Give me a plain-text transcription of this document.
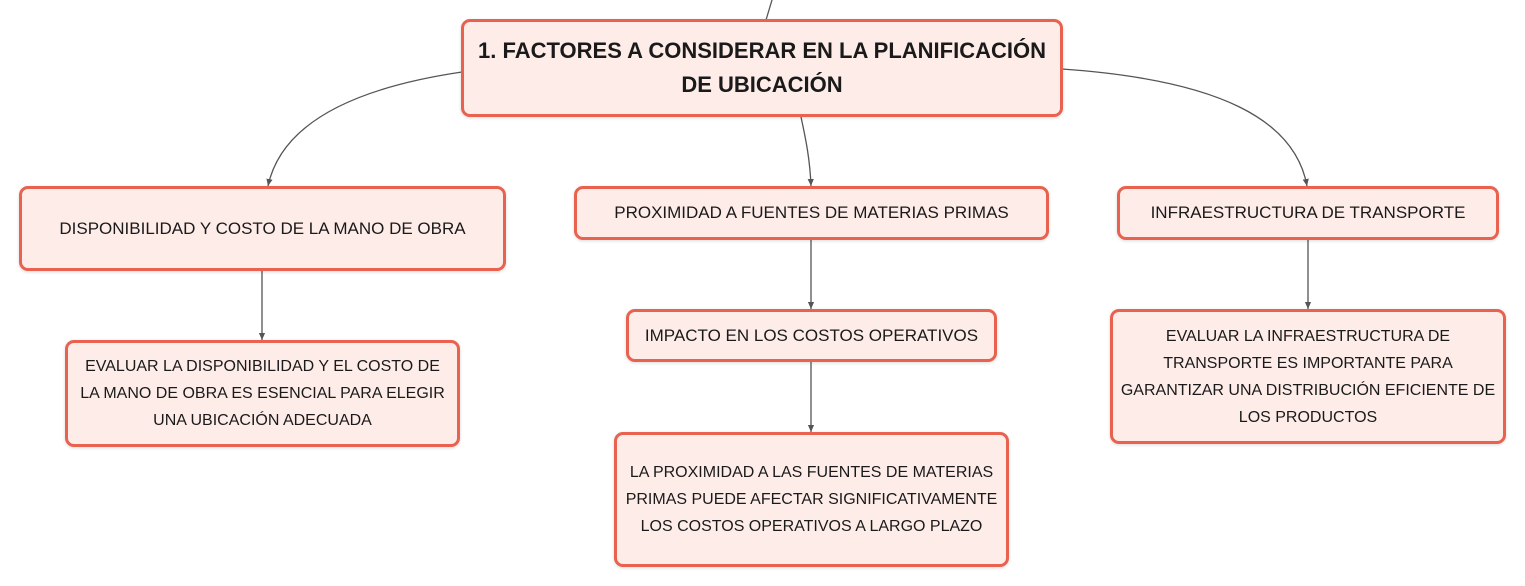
1. FACTORES A CONSIDERAR EN LA PLANIFICACIÓN DE UBICACIÓN
DISPONIBILIDAD Y COSTO DE LA MANO DE OBRA
EVALUAR LA DISPONIBILIDAD Y EL COSTO DE LA MANO DE OBRA ES ESENCIAL PARA ELEGIR UNA UBICACIÓN ADECUADA
PROXIMIDAD A FUENTES DE MATERIAS PRIMAS
IMPACTO EN LOS COSTOS OPERATIVOS
LA PROXIMIDAD A LAS FUENTES DE MATERIAS PRIMAS PUEDE AFECTAR SIGNIFICATIVAMENTE LOS COSTOS OPERATIVOS A LARGO PLAZO
INFRAESTRUCTURA DE TRANSPORTE
EVALUAR LA INFRAESTRUCTURA DE TRANSPORTE ES IMPORTANTE PARA GARANTIZAR UNA DISTRIBUCIÓN EFICIENTE DE LOS PRODUCTOS
